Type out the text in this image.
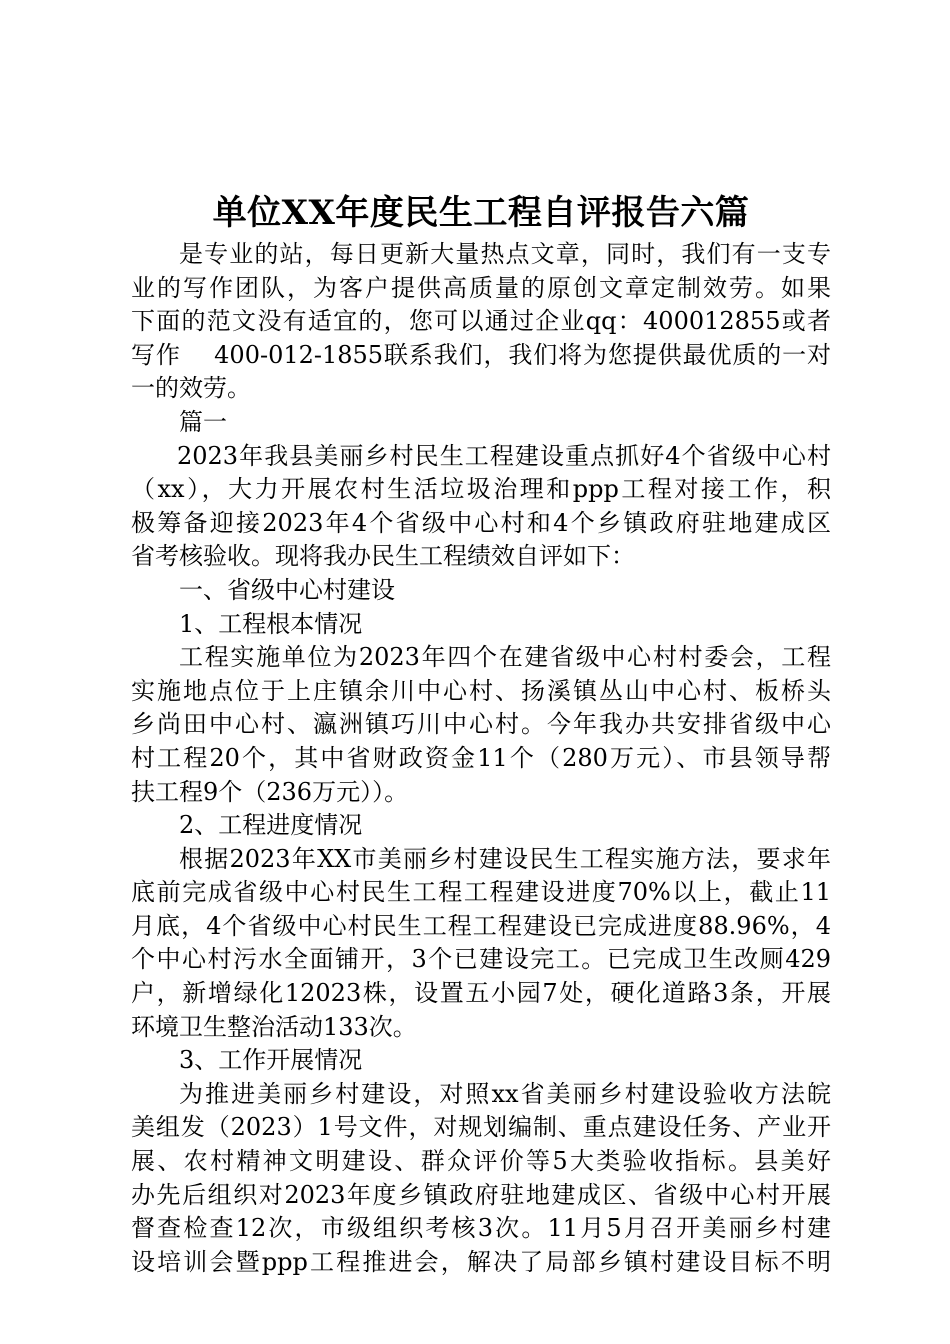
单位XX年度民生工程自评报告六篇
是专业的站，每日更新大量热点文章，同时，我们有一支专
业的写作团队，为客户提供高质量的原创文章定制效劳。如果
下面的范文没有适宜的，您可以通过企业qq：400012855或者
写作　 400-012-1855联系我们，我们将为您提供最优质的一对
一的效劳。
篇一
2023年我县美丽乡村民生工程建设重点抓好4个省级中心村
（xx），大力开展农村生活垃圾治理和ppp工程对接工作，积
极筹备迎接2023年4个省级中心村和4个乡镇政府驻地建成区
省考核验收。现将我办民生工程绩效自评如下：
一、省级中心村建设
1、工程根本情况
工程实施单位为2023年四个在建省级中心村村委会，工程
实施地点位于上庄镇余川中心村、扬溪镇丛山中心村、板桥头
乡尚田中心村、瀛洲镇巧川中心村。今年我办共安排省级中心
村工程20个，其中省财政资金11个（280万元）、市县领导帮
扶工程9个（236万元））。
2、工程进度情况
根据2023年XX市美丽乡村建设民生工程实施方法，要求年
底前完成省级中心村民生工程工程建设进度70%以上，截止11
月底，4个省级中心村民生工程工程建设已完成进度88.96%，4
个中心村污水全面铺开，3个已建设完工。已完成卫生改厕429
户，新增绿化12023株，设置五小园7处，硬化道路3条，开展
环境卫生整治活动133次。
3、工作开展情况
为推进美丽乡村建设，对照xx省美丽乡村建设验收方法皖
美组发（2023）1号文件，对规划编制、重点建设任务、产业开
展、农村精神文明建设、群众评价等5大类验收指标。县美好
办先后组织对2023年度乡镇政府驻地建成区、省级中心村开展
督查检查12次，市级组织考核3次。11月5月召开美丽乡村建
设培训会暨ppp工程推进会，解决了局部乡镇村建设目标不明
